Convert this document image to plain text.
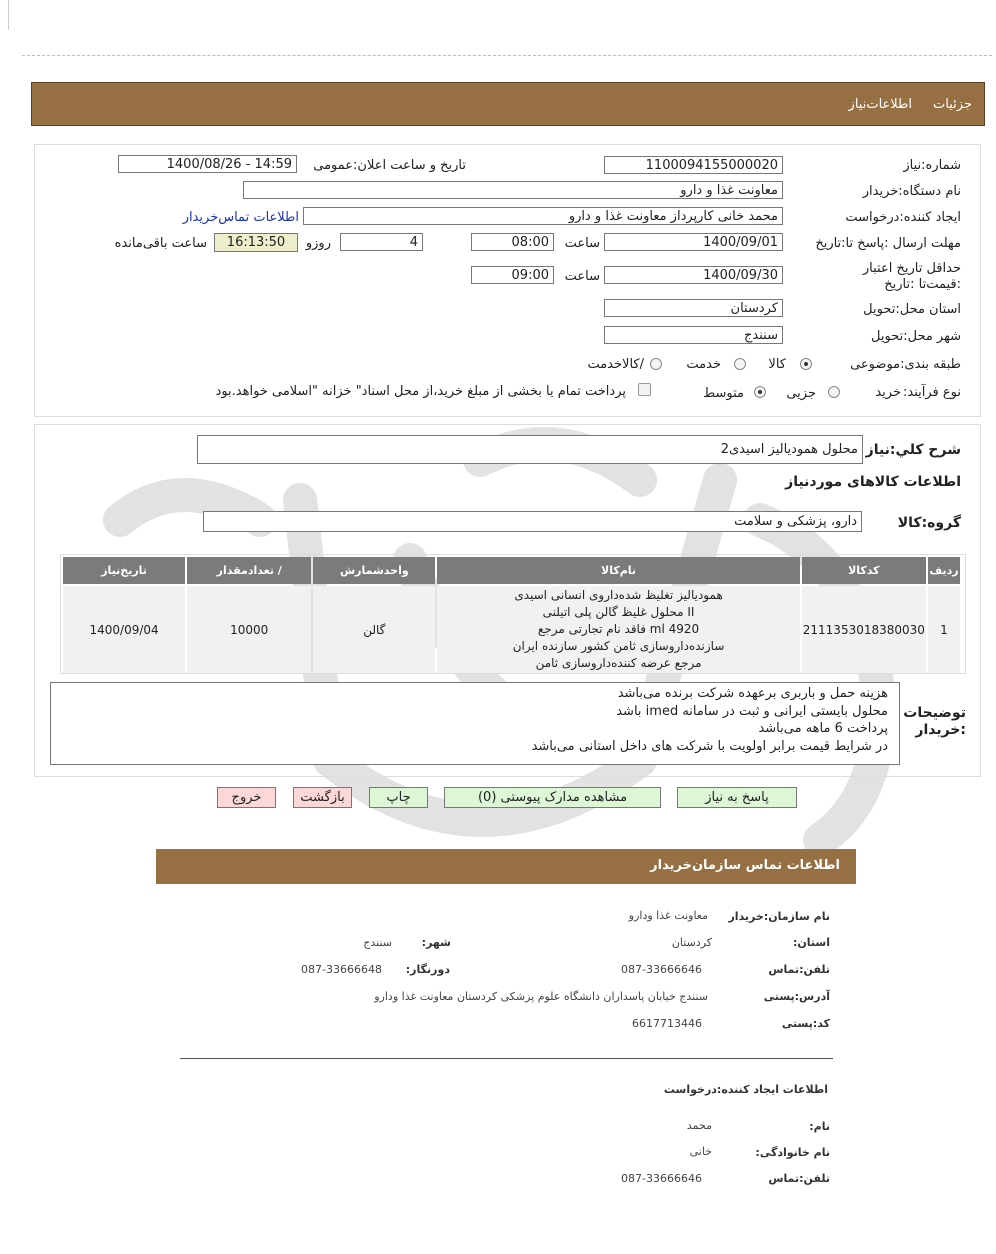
جزئیات
اطلاعات‌نیاز
شماره:نیاز
1100094155000020
تاریخ و ساعت اعلان:عمومی
1400/08/26 - 14:59
نام دستگاه:خریدار
معاونت غذا و دارو
ایجاد کننده:درخواست
محمد خانی کارپرداز معاونت غذا و دارو
اطلاعات تماس‌خریدار
مهلت ارسال :پاسخ تا:تاریخ
1400/09/01
ساعت
08:00
4
روزو
16:13:50
ساعت باقی‌مانده
حداقل تاریخ اعتبار :قیمت‌تا :تاریخ
1400/09/30
ساعت
09:00
استان محل:تحویل
کردستان
شهر محل:تحویل
سنندج
طبقه بندی:موضوعی
کالا
خدمت
/کالاخدمت
نوع فرآیند:
خرید
جزیی
متوسط
پرداخت تمام یا بخشی از مبلغ خرید،از محل اسناد" خزانه "اسلامی خواهد.بود
شرح کلي:نیاز
محلول همودیالیز اسیدی2
اطلاعات کالاهای موردنیاز
گروه:کالا
دارو، پزشکی و سلامت
ردیف	کدکالا	نام‌کالا	واحدشمارش	/ تعدادمقدار	تاریخ‌نیاز
1	2111353018380030	همودیالیز تغلیظ شده‌داروی انسانی اسیدی
II محلول غلیظ گالن پلی اتیلنی
4920 ml فاقد نام تجارتی مرجع
سازنده‌داروسازی ثامن کشور سازنده ایران
مرجع عرضه کننده‌داروسازی ثامن	گالن	10000	1400/09/04
توضیحات :خریدار
هزینه حمل و باربری برعهده شرکت برنده می‌باشد
محلول بایستی ایرانی و ثبت در سامانه imed باشد
پرداخت 6 ماهه می‌باشد
در شرایط قیمت برابر اولویت با شرکت های داخل استانی می‌باشد
پاسخ به نیاز
مشاهده مدارک پیوستی (0)
چاپ
بازگشت
خروج
اطلاعات تماس سازمان‌خریدار
نام سازمان:خریدار
معاونت غذا ودارو
استان:
کردستان
شهر:
سنندج
تلفن:تماس
087-33666646
دورنگار:
087-33666648
آدرس:پستی
سنندج خیابان پاسداران دانشگاه علوم پزشکی کردستان معاونت غذا ودارو
کد:پستی
6617713446
اطلاعات ایجاد کننده:درخواست
نام:
محمد
نام خانوادگی:
خانی
تلفن:تماس
087-33666646
